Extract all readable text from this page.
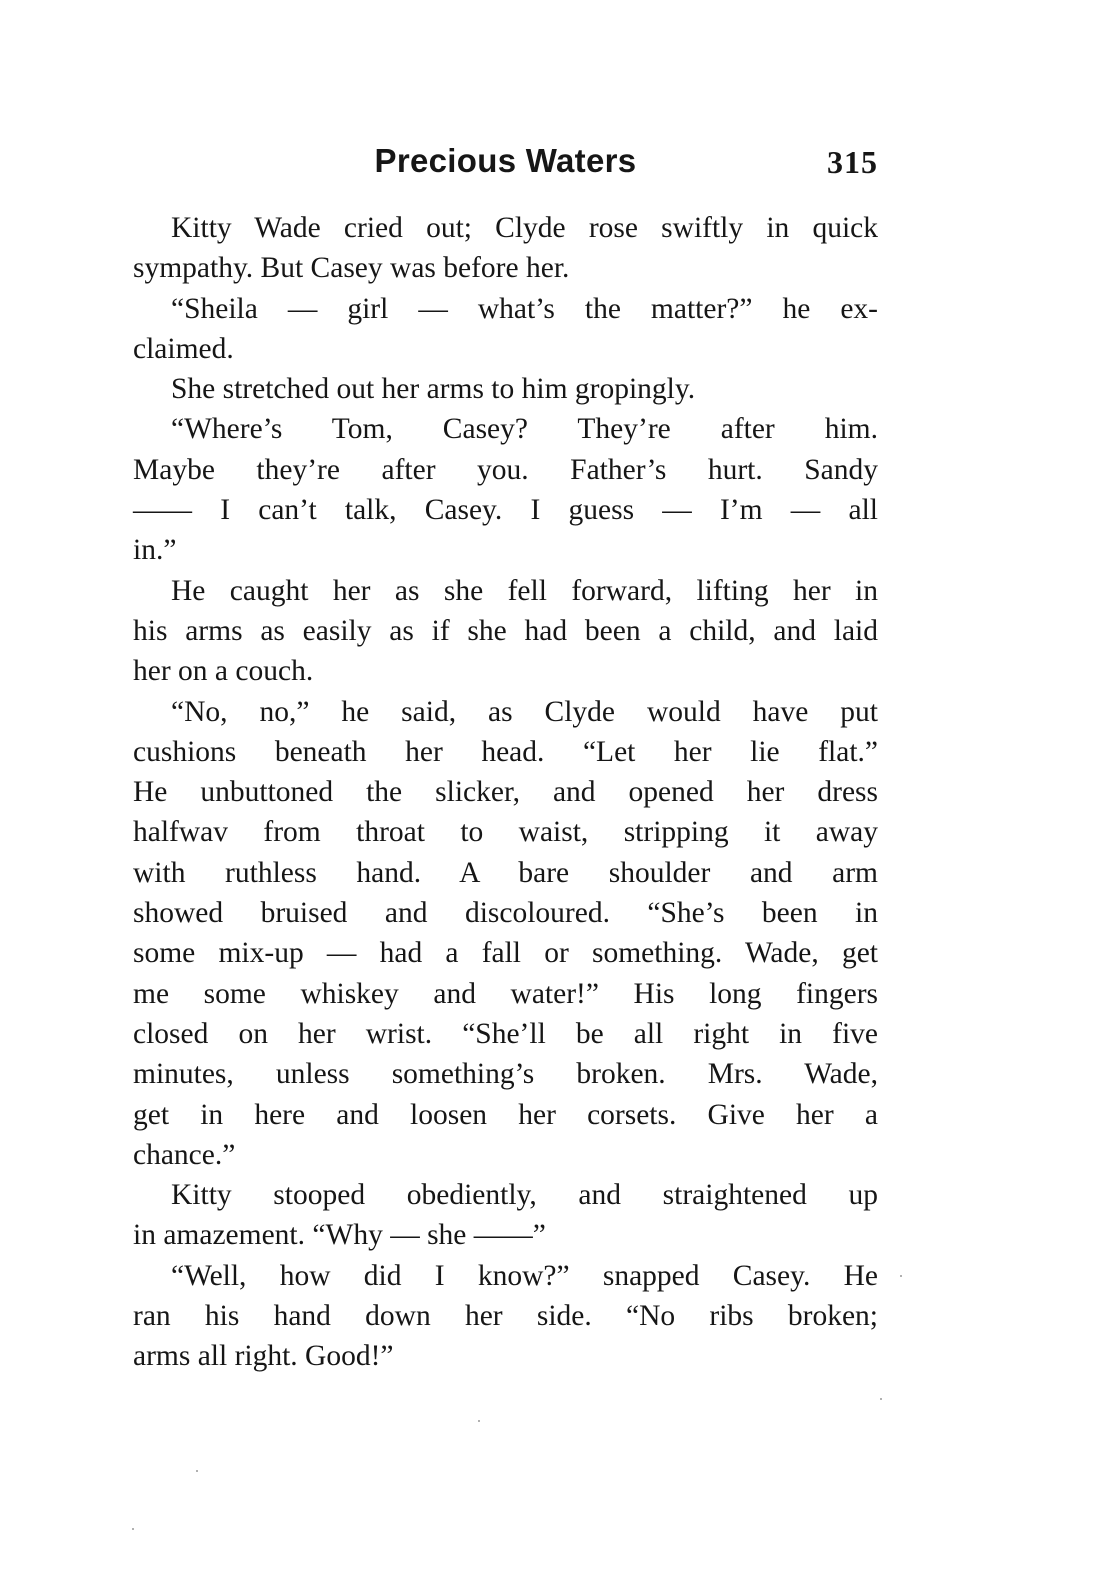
Precious Waters	315
Kitty Wade cried out; Clyde rose swiftly in quick
sympathy. But Casey was before her.
“Sheila — girl — what’s the matter?” he ex-
claimed.
She stretched out her arms to him gropingly.
“Where’s Tom, Casey? They’re after him.
Maybe they’re after you. Father’s hurt. Sandy
—— I can’t talk, Casey. I guess — I’m — all
in.”
He caught her as she fell forward, lifting her in
his arms as easily as if she had been a child, and laid
her on a couch.
“No, no,” he said, as Clyde would have put
cushions beneath her head. “Let her lie flat.”
He unbuttoned the slicker, and opened her dress
halfwav from throat to waist, stripping it away
with ruthless hand. A bare shoulder and arm
showed bruised and discoloured. “She’s been in
some mix-up — had a fall or something. Wade, get
me some whiskey and water!” His long fingers
closed on her wrist. “She’ll be all right in five
minutes, unless something’s broken. Mrs. Wade,
get in here and loosen her corsets. Give her a
chance.”
Kitty stooped obediently, and straightened up
in amazement. “Why — she ——”
“Well, how did I know?” snapped Casey. He
ran his hand down her side. “No ribs broken;
arms all right. Good!”
